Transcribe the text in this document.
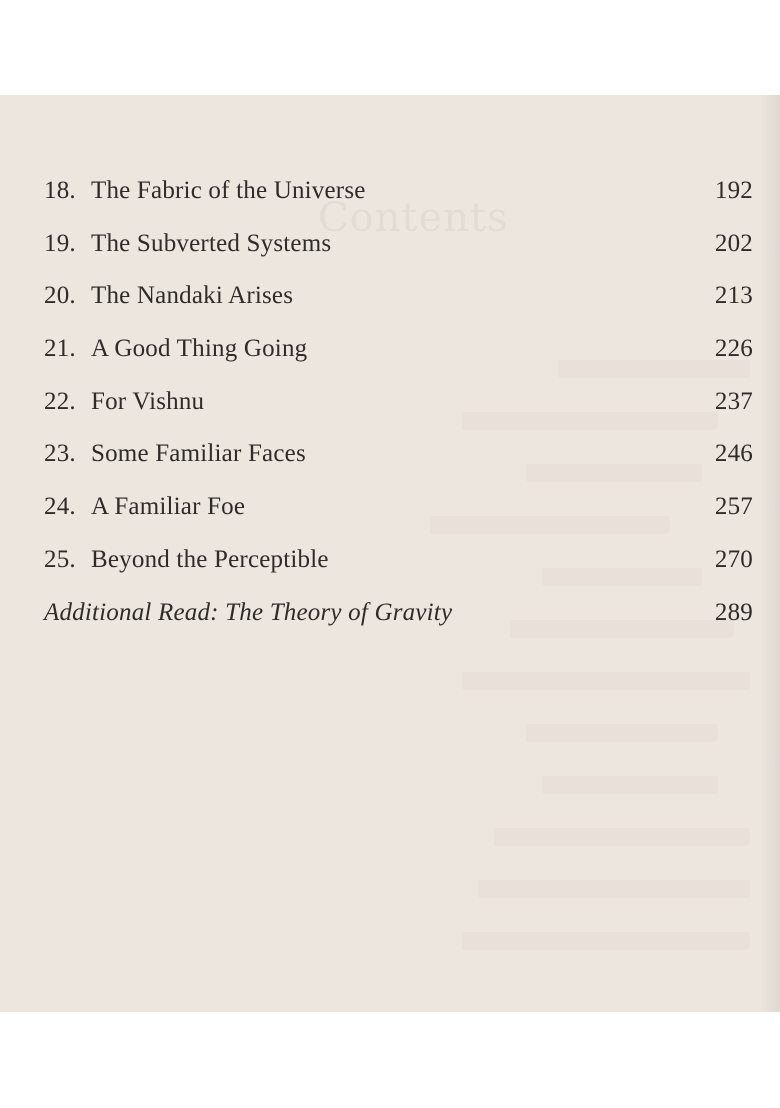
Contents
18. The Fabric of the Universe	192
19. The Subverted Systems	202
20. The Nandaki Arises	213
21. A Good Thing Going	226
22. For Vishnu	237
23. Some Familiar Faces	246
24. A Familiar Foe	257
25. Beyond the Perceptible	270
Additional Read: The Theory of Gravity	289
